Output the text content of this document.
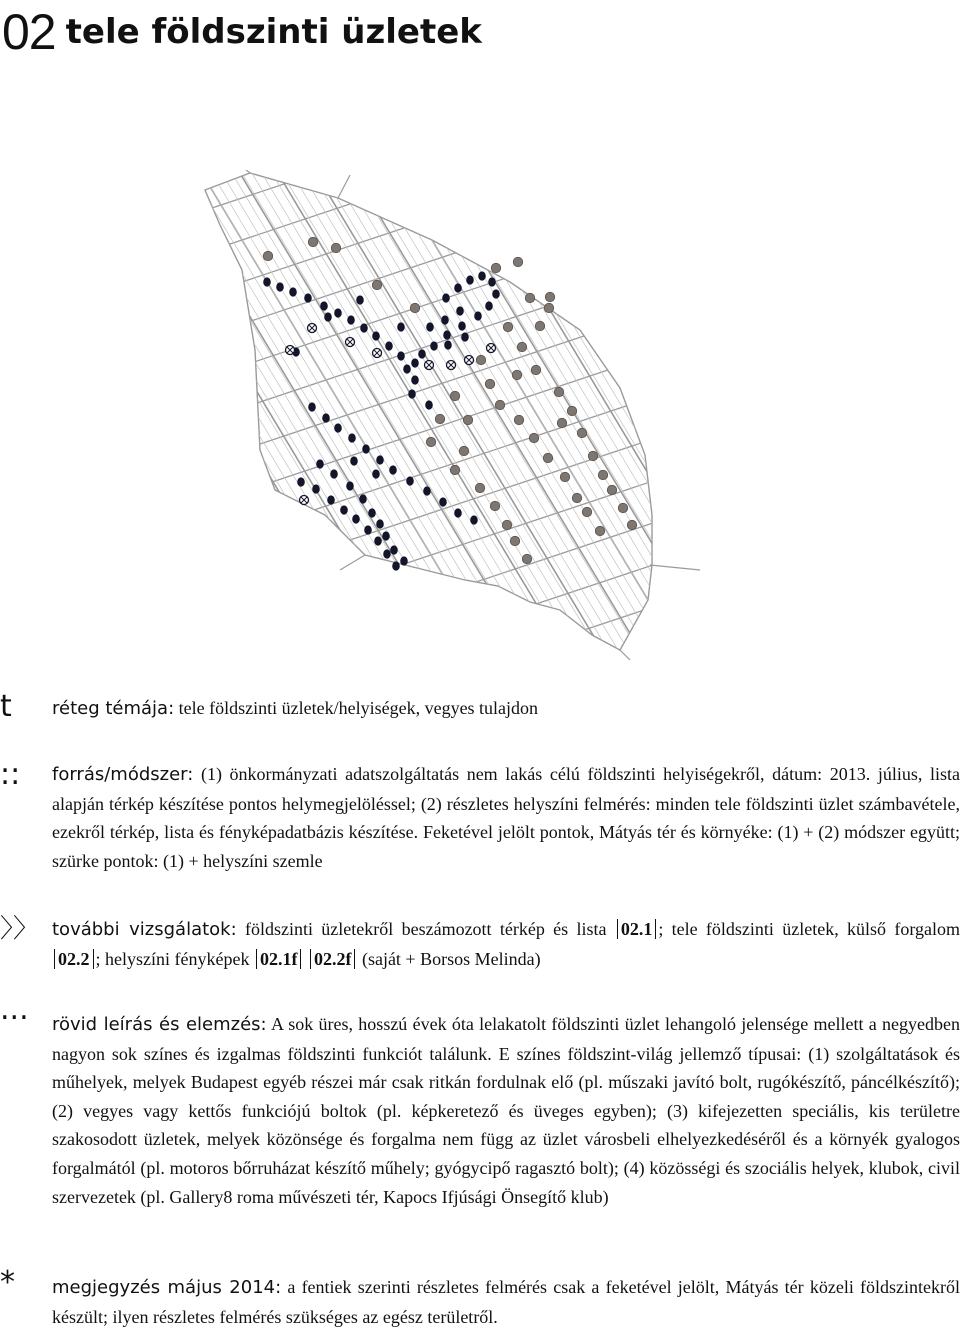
02 tele földszinti üzletek
t réteg témája: tele földszinti üzletek/helyiségek, vegyes tulajdon
:: forrás/módszer: (1) önkormányzati adatszolgáltatás nem lakás célú földszinti helyiségekről, dátum: 2013. július, lista alapján térkép készítése pontos helymegjelöléssel; (2) részletes helyszíni felmérés: minden tele földszinti üzlet számbavétele, ezekről térkép, lista és fényképadatbázis készítése. Feketével jelölt pontok, Mátyás tér és környéke: (1) + (2) módszer együtt; szürke pontok: (1) + helyszíni szemle
〉〉 további vizsgálatok: földszinti üzletekről beszámozott térkép és lista 02.1 ; tele földszinti üzletek, külső forgalom 02.2 ; helyszíni fényképek 02.1f 02.2f (saját + Borsos Melinda)
... rövid leírás és elemzés: A sok üres, hosszú évek óta lelakatolt földszinti üzlet lehangoló jelensége mellett a negyedben nagyon sok színes és izgalmas földszinti funkciót találunk. E színes földszint-világ jellemző típusai: (1) szolgáltatások és műhelyek, melyek Budapest egyéb részei már csak ritkán fordulnak elő (pl. műszaki javító bolt, rugókészítő, páncélkészítő); (2) vegyes vagy kettős funkciójú boltok (pl. képkeretező és üveges egyben); (3) kifejezetten speciális, kis területre szakosodott üzletek, melyek közönsége és forgalma nem függ az üzlet városbeli elhelyezkedéséről és a környék gyalogos forgalmától (pl. motoros bőrruházat készítő műhely; gyógycipő ragasztó bolt); (4) közösségi és szociális helyek, klubok, civil szervezetek (pl. Gallery8 roma művészeti tér, Kapocs Ifjúsági Önsegítő klub)
* megjegyzés május 2014: a fentiek szerinti részletes felmérés csak a feketével jelölt, Mátyás tér közeli földszintekről készült; ilyen részletes felmérés szükséges az egész területről.
